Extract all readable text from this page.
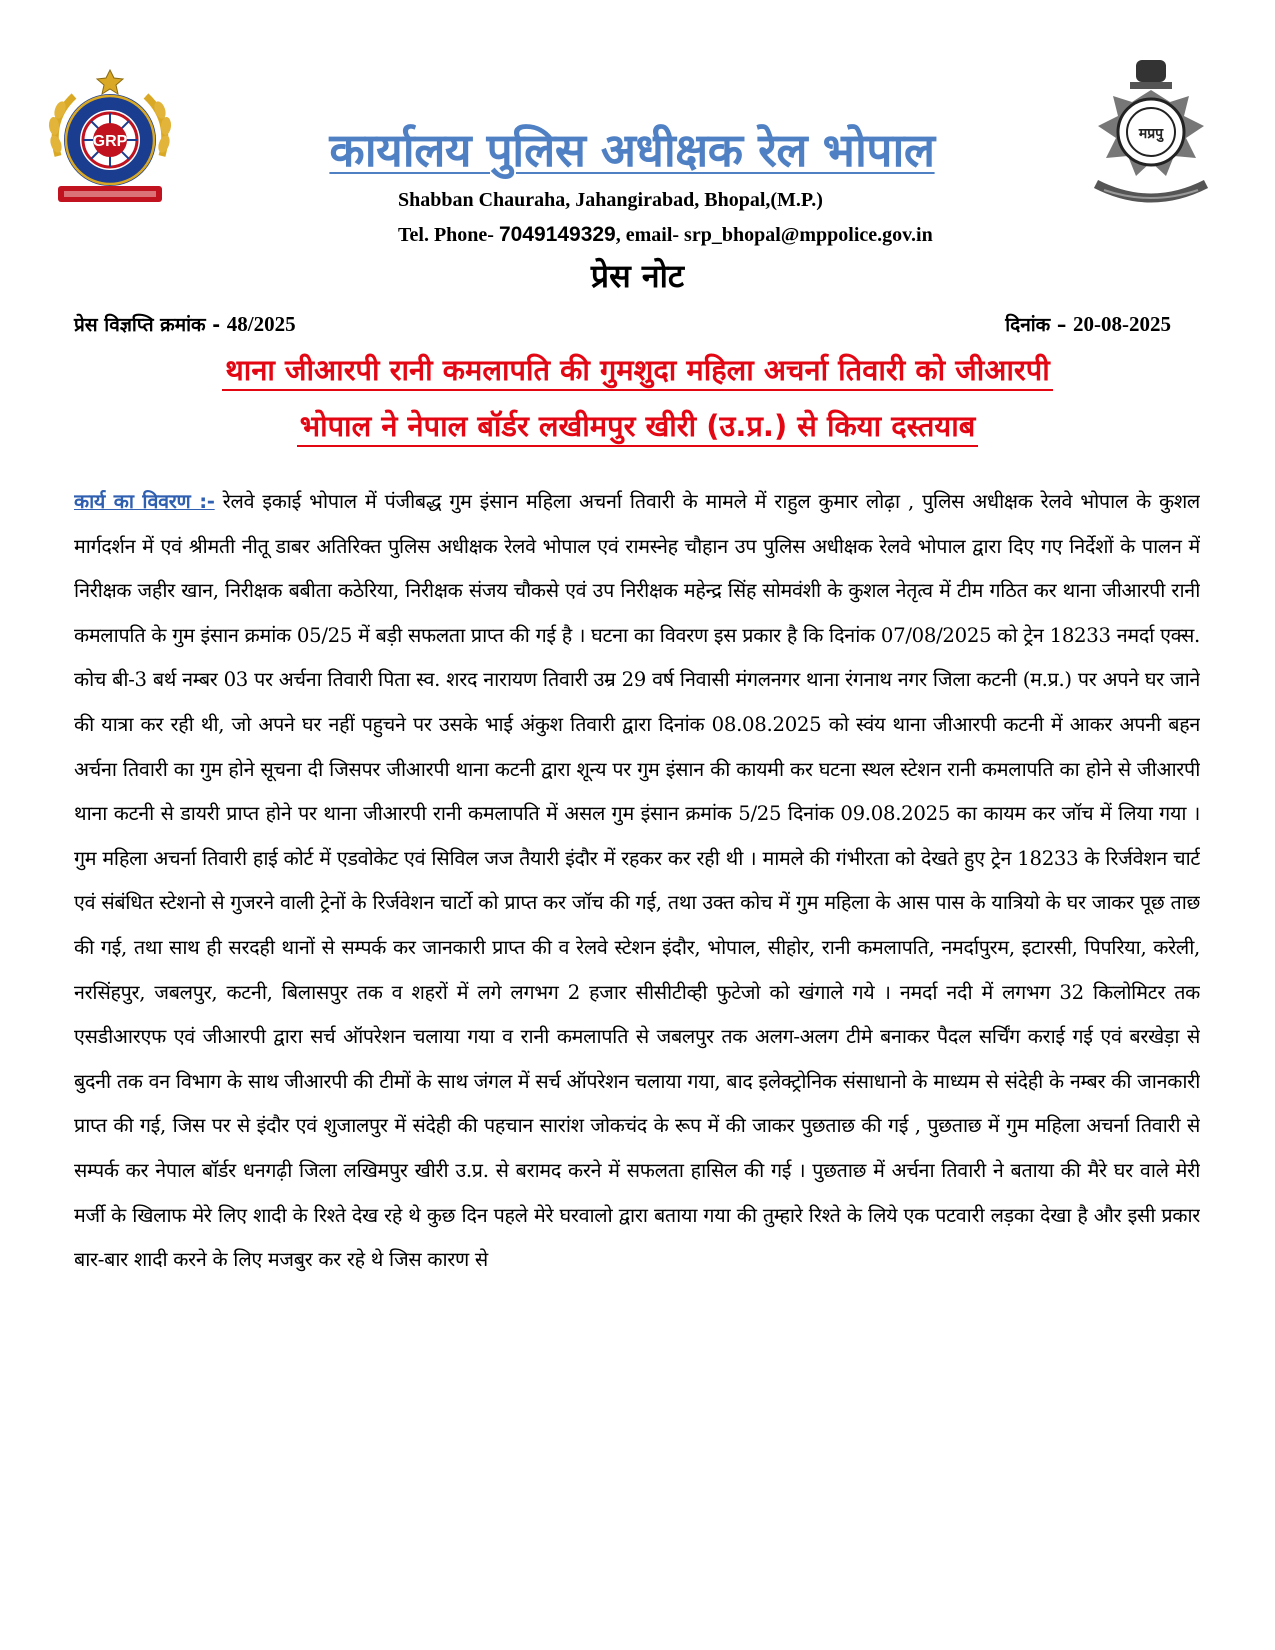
GRP	मप्रपु
कार्यालय पुलिस अधीक्षक रेल भोपाल
Shabban Chauraha, Jahangirabad, Bhopal,(M.P.)
Tel. Phone- 7049149329, email- srp_bhopal@mppolice.gov.in
प्रेस नोट
प्रेस विज्ञप्ति क्रमांक - 48/2025	दिनांक – 20-08-2025

थाना जीआरपी रानी कमलापति की गुमशुदा महिला अचर्ना तिवारी को जीआरपी

भोपाल ने नेपाल बॉर्डर लखीमपुर खीरी (उ.प्र.) से किया दस्तयाब

कार्य का विवरण :- रेलवे इकाई भोपाल में पंजीबद्ध गुम इंसान महिला अचर्ना तिवारी के मामले में राहुल कुमार लोढ़ा , पुलिस अधीक्षक रेलवे भोपाल के कुशल मार्गदर्शन में एवं श्रीमती नीतू डाबर अतिरिक्त पुलिस अधीक्षक रेलवे भोपाल एवं रामस्नेह चौहान उप पुलिस अधीक्षक रेलवे भोपाल द्वारा दिए गए निर्देशों के पालन में निरीक्षक जहीर खान, निरीक्षक बबीता कठेरिया, निरीक्षक संजय चौकसे एवं उप निरीक्षक महेन्द्र सिंह सोमवंशी के कुशल नेतृत्व में टीम गठित कर थाना जीआरपी रानी कमलापति के गुम इंसान क्रमांक 05/25 में बड़ी सफलता प्राप्त की गई है । घटना का विवरण इस प्रकार है कि दिनांक 07/08/2025 को ट्रेन 18233 नमर्दा एक्स. कोच बी-3 बर्थ नम्बर 03 पर अर्चना तिवारी पिता स्व. शरद नारायण तिवारी उम्र 29 वर्ष निवासी मंगलनगर थाना रंगनाथ नगर जिला कटनी (म.प्र.) पर अपने घर जाने की यात्रा कर रही थी, जो अपने घर नहीं पहुचने पर उसके भाई अंकुश तिवारी द्वारा दिनांक 08.08.2025 को स्वंय थाना जीआरपी कटनी में आकर अपनी बहन अर्चना तिवारी का गुम होने सूचना दी जिसपर जीआरपी थाना कटनी द्वारा शून्य पर गुम इंसान की कायमी कर घटना स्थल स्टेशन रानी कमलापति का होने से जीआरपी थाना कटनी से डायरी प्राप्त होने पर थाना जीआरपी रानी कमलापति में असल गुम इंसान क्रमांक 5/25 दिनांक 09.08.2025 का कायम कर जॉच में लिया गया । गुम महिला अचर्ना तिवारी हाई कोर्ट में एडवोकेट एवं सिविल जज तैयारी इंदौर में रहकर कर रही थी । मामले की गंभीरता को देखते हुए ट्रेन 18233 के रिर्जवेशन चार्ट एवं संबंधित स्टेशनो से गुजरने वाली ट्रेनों के रिर्जवेशन चार्टो को प्राप्त कर जॉच की गई, तथा उक्त कोच में गुम महिला के आस पास के यात्रियो के घर जाकर पूछ ताछ की गई, तथा साथ ही सरदही थानों से सम्पर्क कर जानकारी प्राप्त की व रेलवे स्टेशन इंदौर, भोपाल, सीहोर, रानी कमलापति, नमर्दापुरम, इटारसी, पिपरिया, करेली, नरसिंहपुर, जबलपुर, कटनी, बिलासपुर तक व शहरों में लगे लगभग 2 हजार सीसीटीव्ही फुटेजो को खंगाले गये । नमर्दा नदी में लगभग 32 किलोमिटर तक एसडीआरएफ एवं जीआरपी द्वारा सर्च ऑपरेशन चलाया गया व रानी कमलापति से जबलपुर तक अलग-अलग टीमे बनाकर पैदल सर्चिंग कराई गई एवं बरखेड़ा से बुदनी तक वन विभाग के साथ जीआरपी की टीमों के साथ जंगल में सर्च ऑपरेशन चलाया गया, बाद इलेक्ट्रोनिक संसाधानो के माध्यम से संदेही के नम्बर की जानकारी प्राप्त की गई, जिस पर से इंदौर एवं शुजालपुर में संदेही की पहचान सारांश जोकचंद के रूप में की जाकर पुछताछ की गई , पुछताछ में गुम महिला अचर्ना तिवारी से सम्पर्क कर नेपाल बॉर्डर धनगढ़ी जिला लखिमपुर खीरी उ.प्र. से बरामद करने में सफलता हासिल की गई । पुछताछ में अर्चना तिवारी ने बताया की मैरे घर वाले मेरी मर्जी के खिलाफ मेरे लिए शादी के रिश्ते देख रहे थे कुछ दिन पहले मेरे घरवालो द्वारा बताया गया की तुम्हारे रिश्ते के लिये एक पटवारी लड़का देखा है और इसी प्रकार बार-बार शादी करने के लिए मजबुर कर रहे थे जिस कारण से
